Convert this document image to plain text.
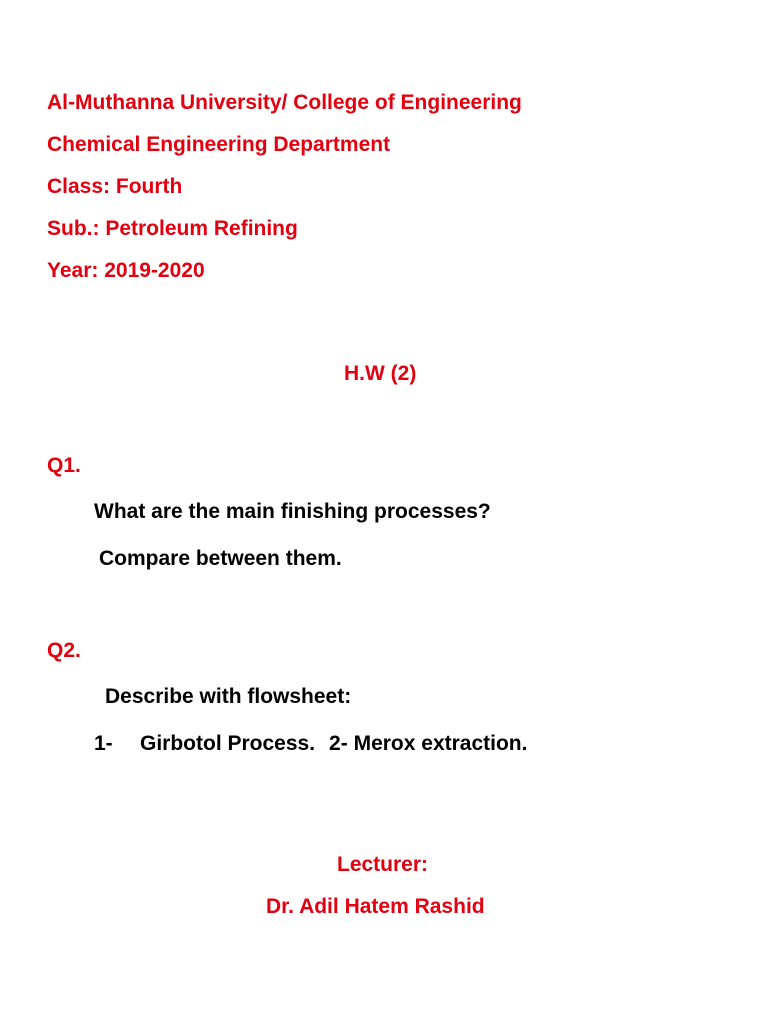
Al-Muthanna University/ College of Engineering

Chemical Engineering Department

Class: Fourth

Sub.: Petroleum Refining

Year: 2019-2020

H.W (2)

Q1.

What are the main finishing processes?

Compare between them.

Q2.

Describe with flowsheet:

1- Girbotol Process. 2- Merox extraction.

Lecturer:

Dr. Adil Hatem Rashid
